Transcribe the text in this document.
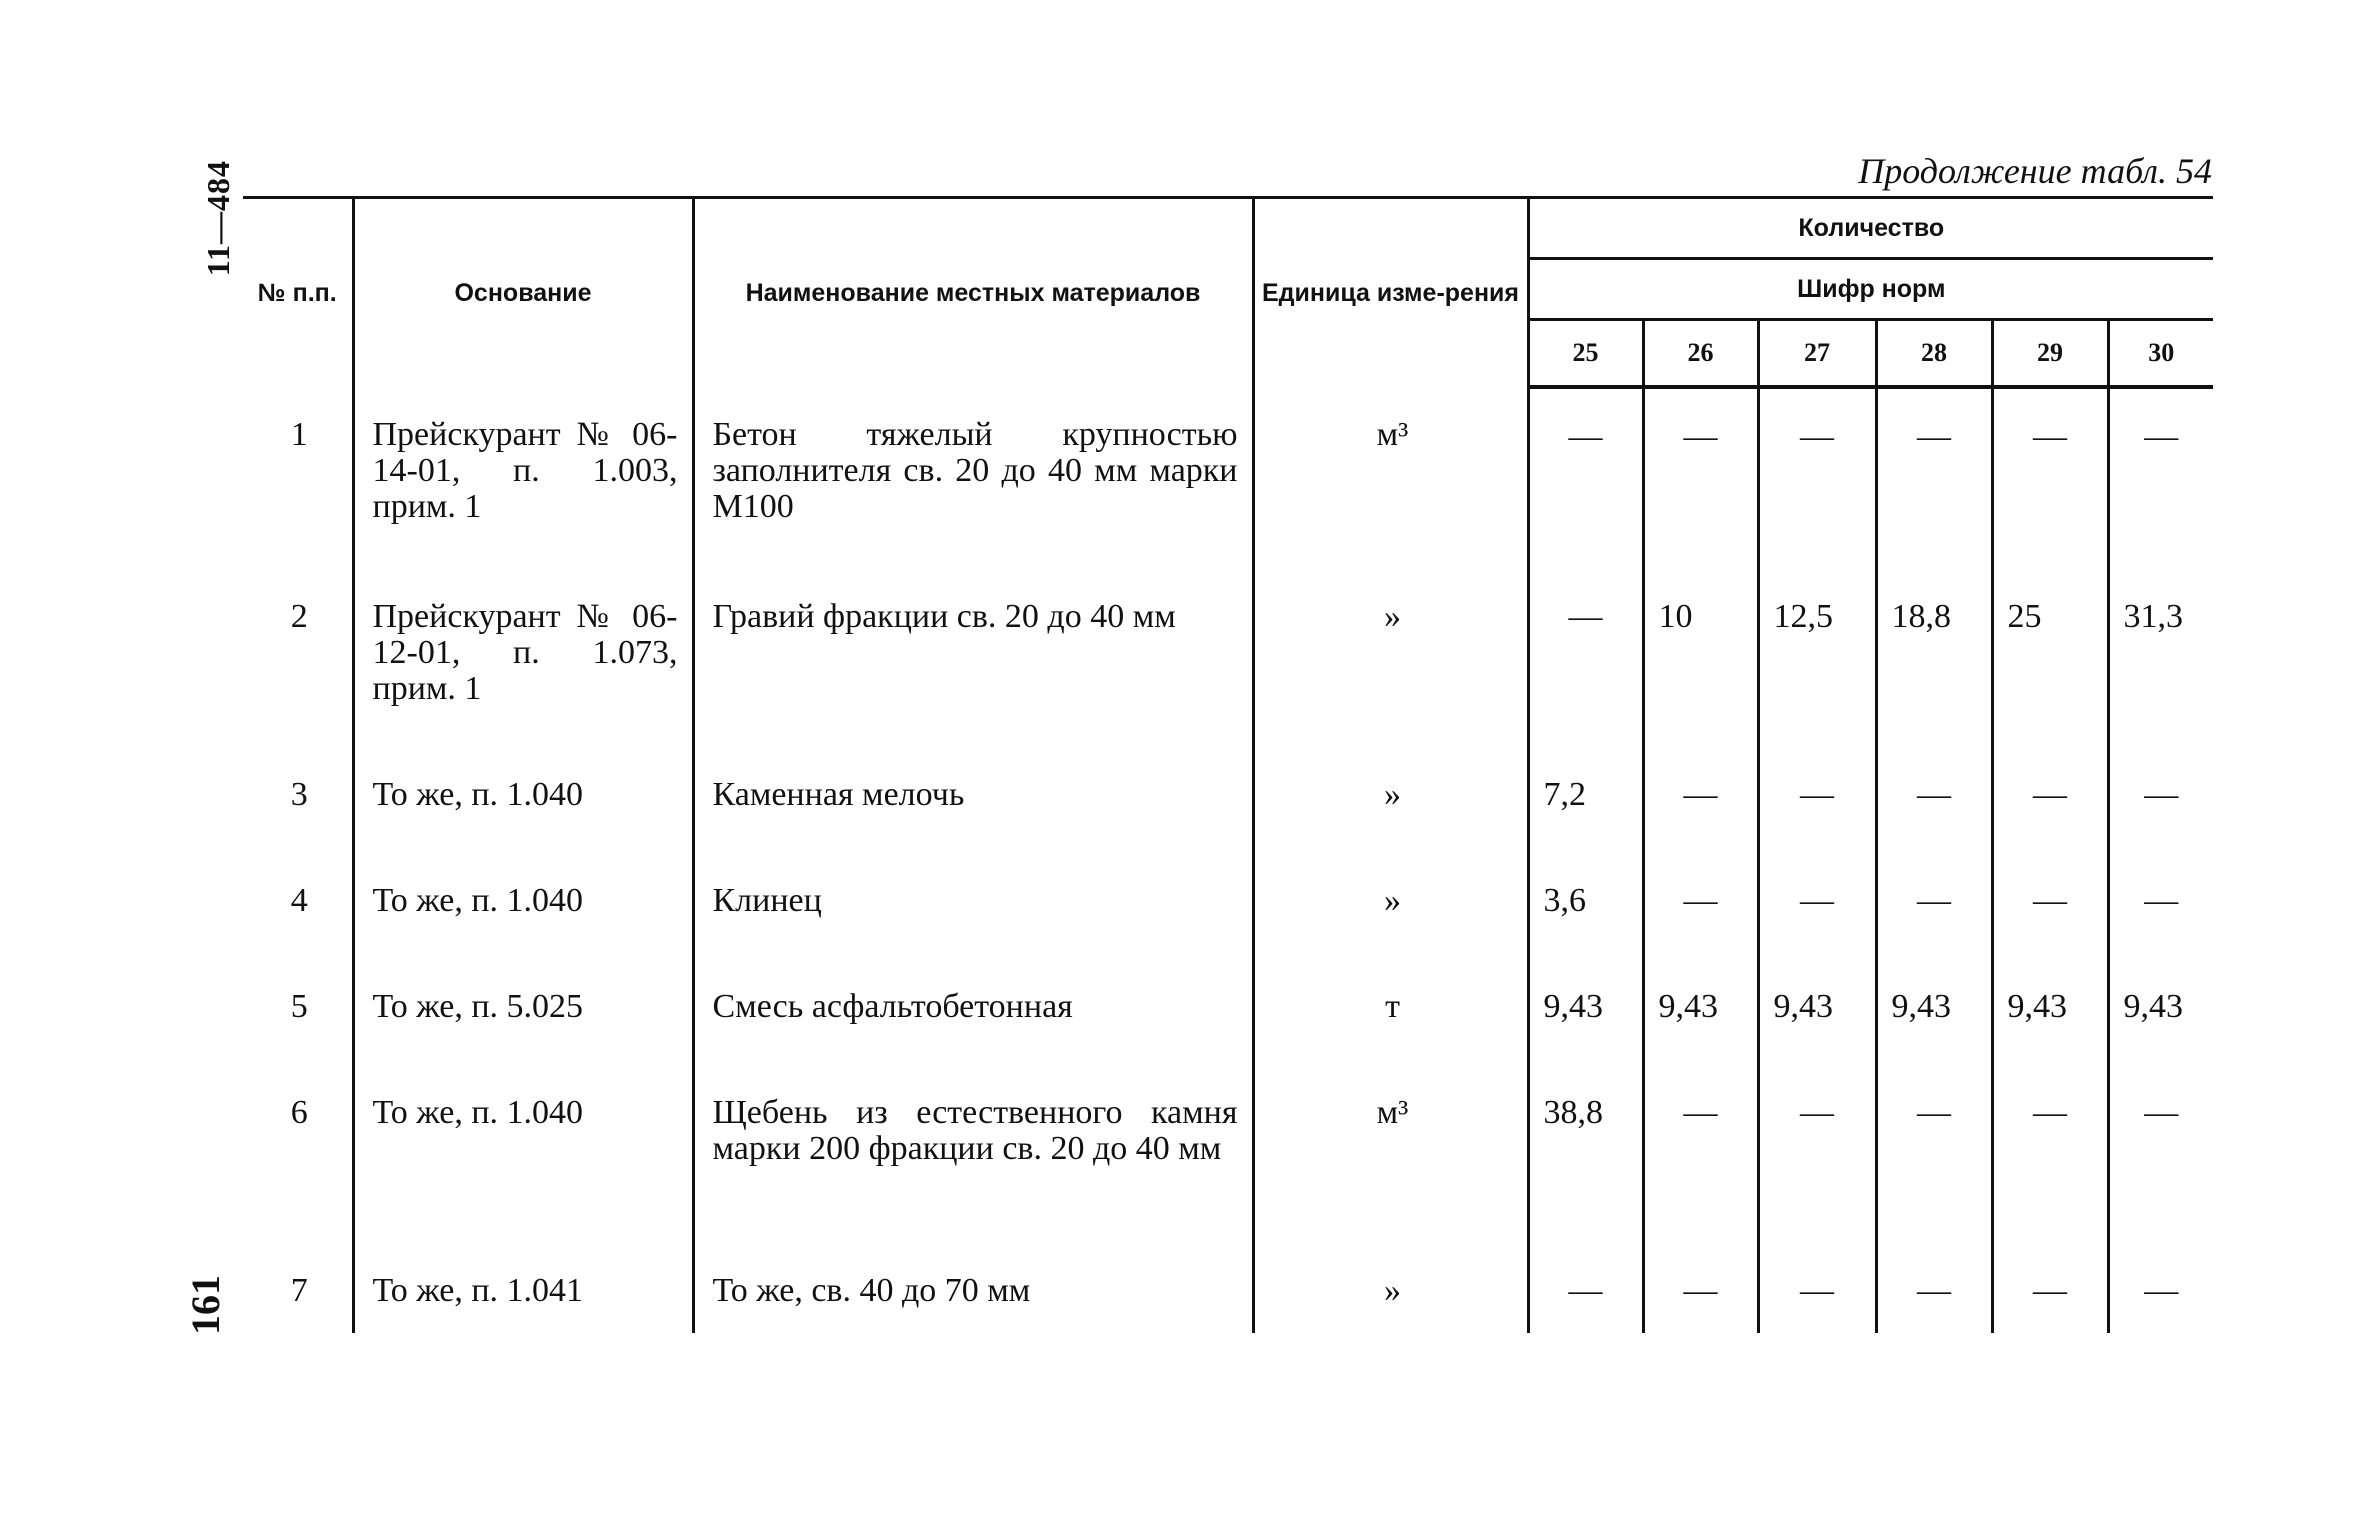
11—484
161
Продолжение табл. 54
№ п.п.	Основание	Наименование местных материалов	Единица изме-рения	Количество					
				Шифр норм					
				25	26	27	28	29	30
1	Прейскурант № 06-14-01, п. 1.003, прим. 1	Бетон тяжелый крупностью заполнителя св. 20 до 40 мм марки М100	м³	—	—	—	—	—	—
2	Прейскурант № 06-12-01, п. 1.073, прим. 1	Гравий фракции св. 20 до 40 мм	»	—	10	12,5	18,8	25	31,3
3	То же, п. 1.040	Каменная мелочь	»	7,2	—	—	—	—	—
4	То же, п. 1.040	Клинец	»	3,6	—	—	—	—	—
5	То же, п. 5.025	Смесь асфальтобетонная	т	9,43	9,43	9,43	9,43	9,43	9,43
6	То же, п. 1.040	Щебень из естественного камня марки 200 фракции св. 20 до 40 мм	м³	38,8	—	—	—	—	—
7	То же, п. 1.041	То же, св. 40 до 70 мм	»	—	—	—	—	—	—
